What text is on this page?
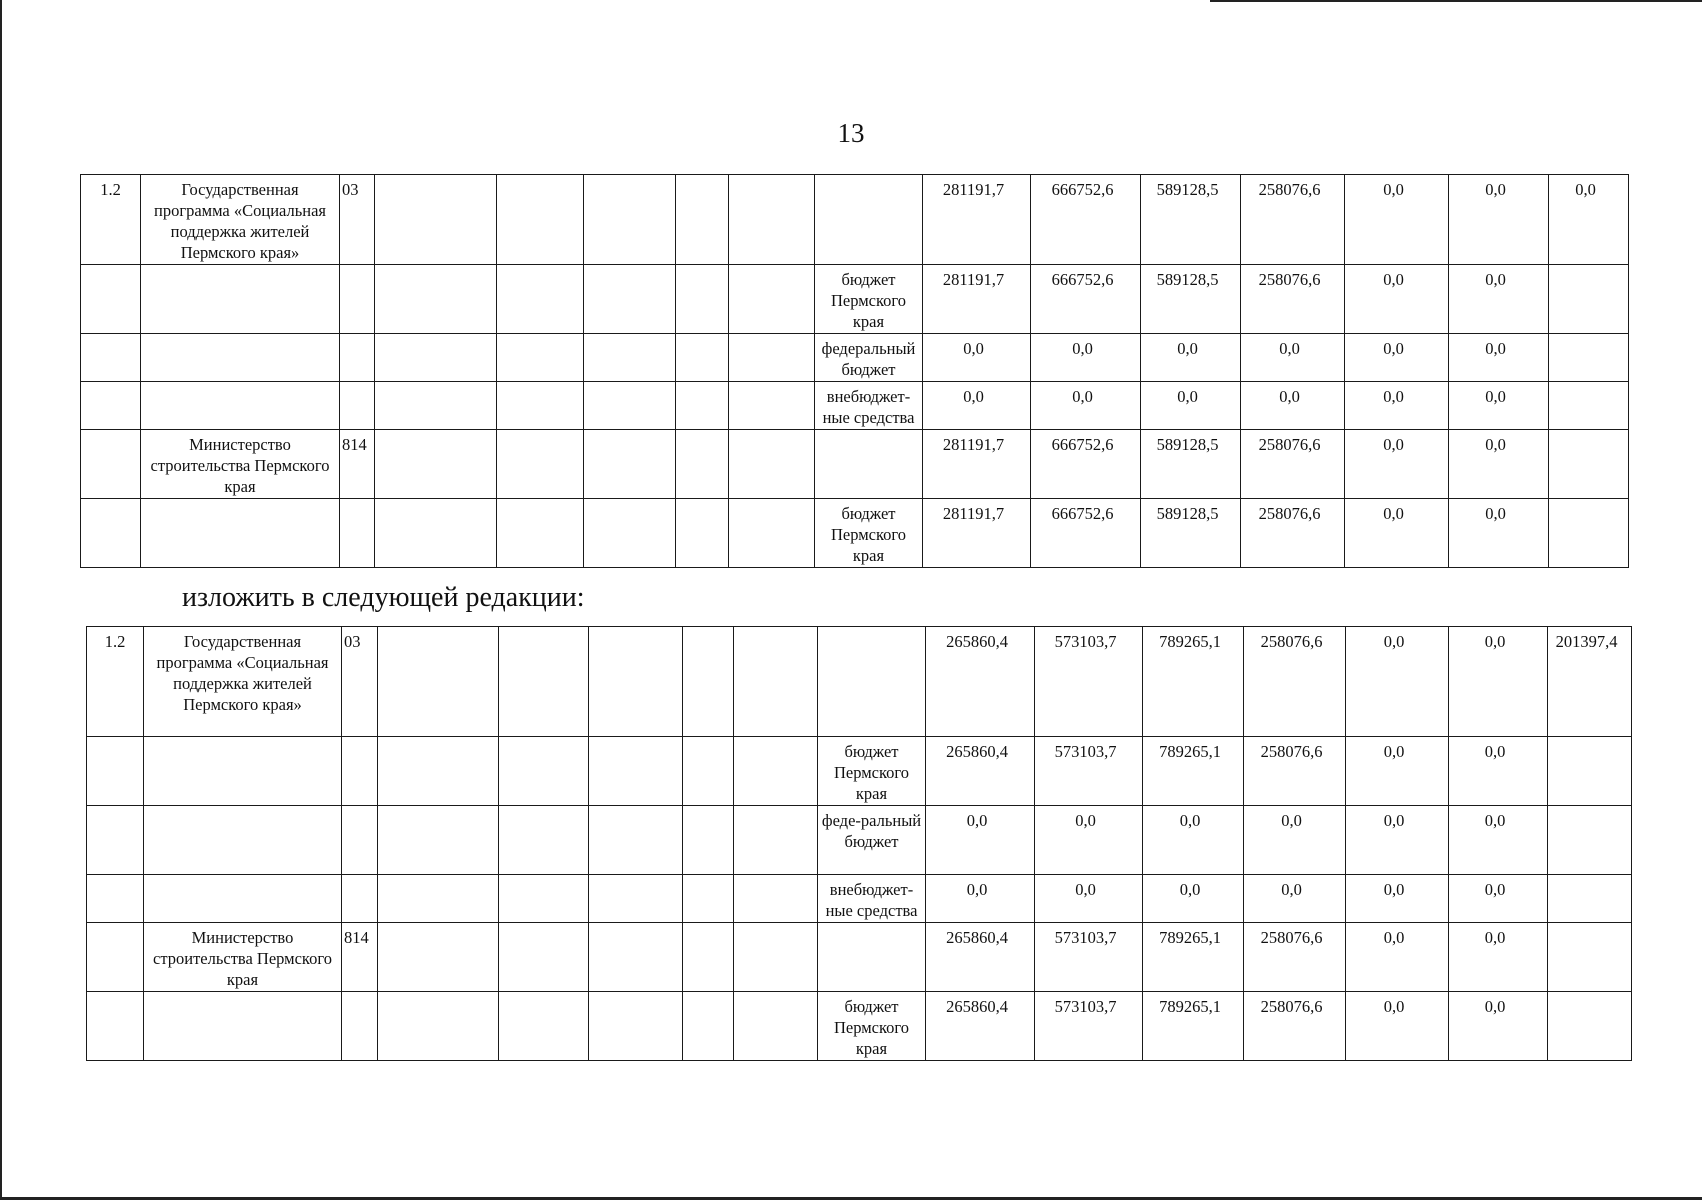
13
1.2	Государственная программа «Социальная поддержка жителей Пермского края»	03							281191,7	666752,6	589128,5	258076,6	0,0	0,0	0,0
								бюджет Пермского края	281191,7	666752,6	589128,5	258076,6	0,0	0,0	
								федеральный бюджет	0,0	0,0	0,0	0,0	0,0	0,0	
								внебюджет-ные средства	0,0	0,0	0,0	0,0	0,0	0,0	
	Министерство строительства Пермского края	814							281191,7	666752,6	589128,5	258076,6	0,0	0,0	
								бюджет Пермского края	281191,7	666752,6	589128,5	258076,6	0,0	0,0	
изложить в следующей редакции:
1.2	Государственная программа «Социальная поддержка жителей Пермского края»	03							265860,4	573103,7	789265,1	258076,6	0,0	0,0	201397,4
								бюджет Пермского края	265860,4	573103,7	789265,1	258076,6	0,0	0,0	
								феде-ральный бюджет	0,0	0,0	0,0	0,0	0,0	0,0	
								внебюджет-ные средства	0,0	0,0	0,0	0,0	0,0	0,0	
	Министерство строительства Пермского края	814							265860,4	573103,7	789265,1	258076,6	0,0	0,0	
								бюджет Пермского края	265860,4	573103,7	789265,1	258076,6	0,0	0,0	
